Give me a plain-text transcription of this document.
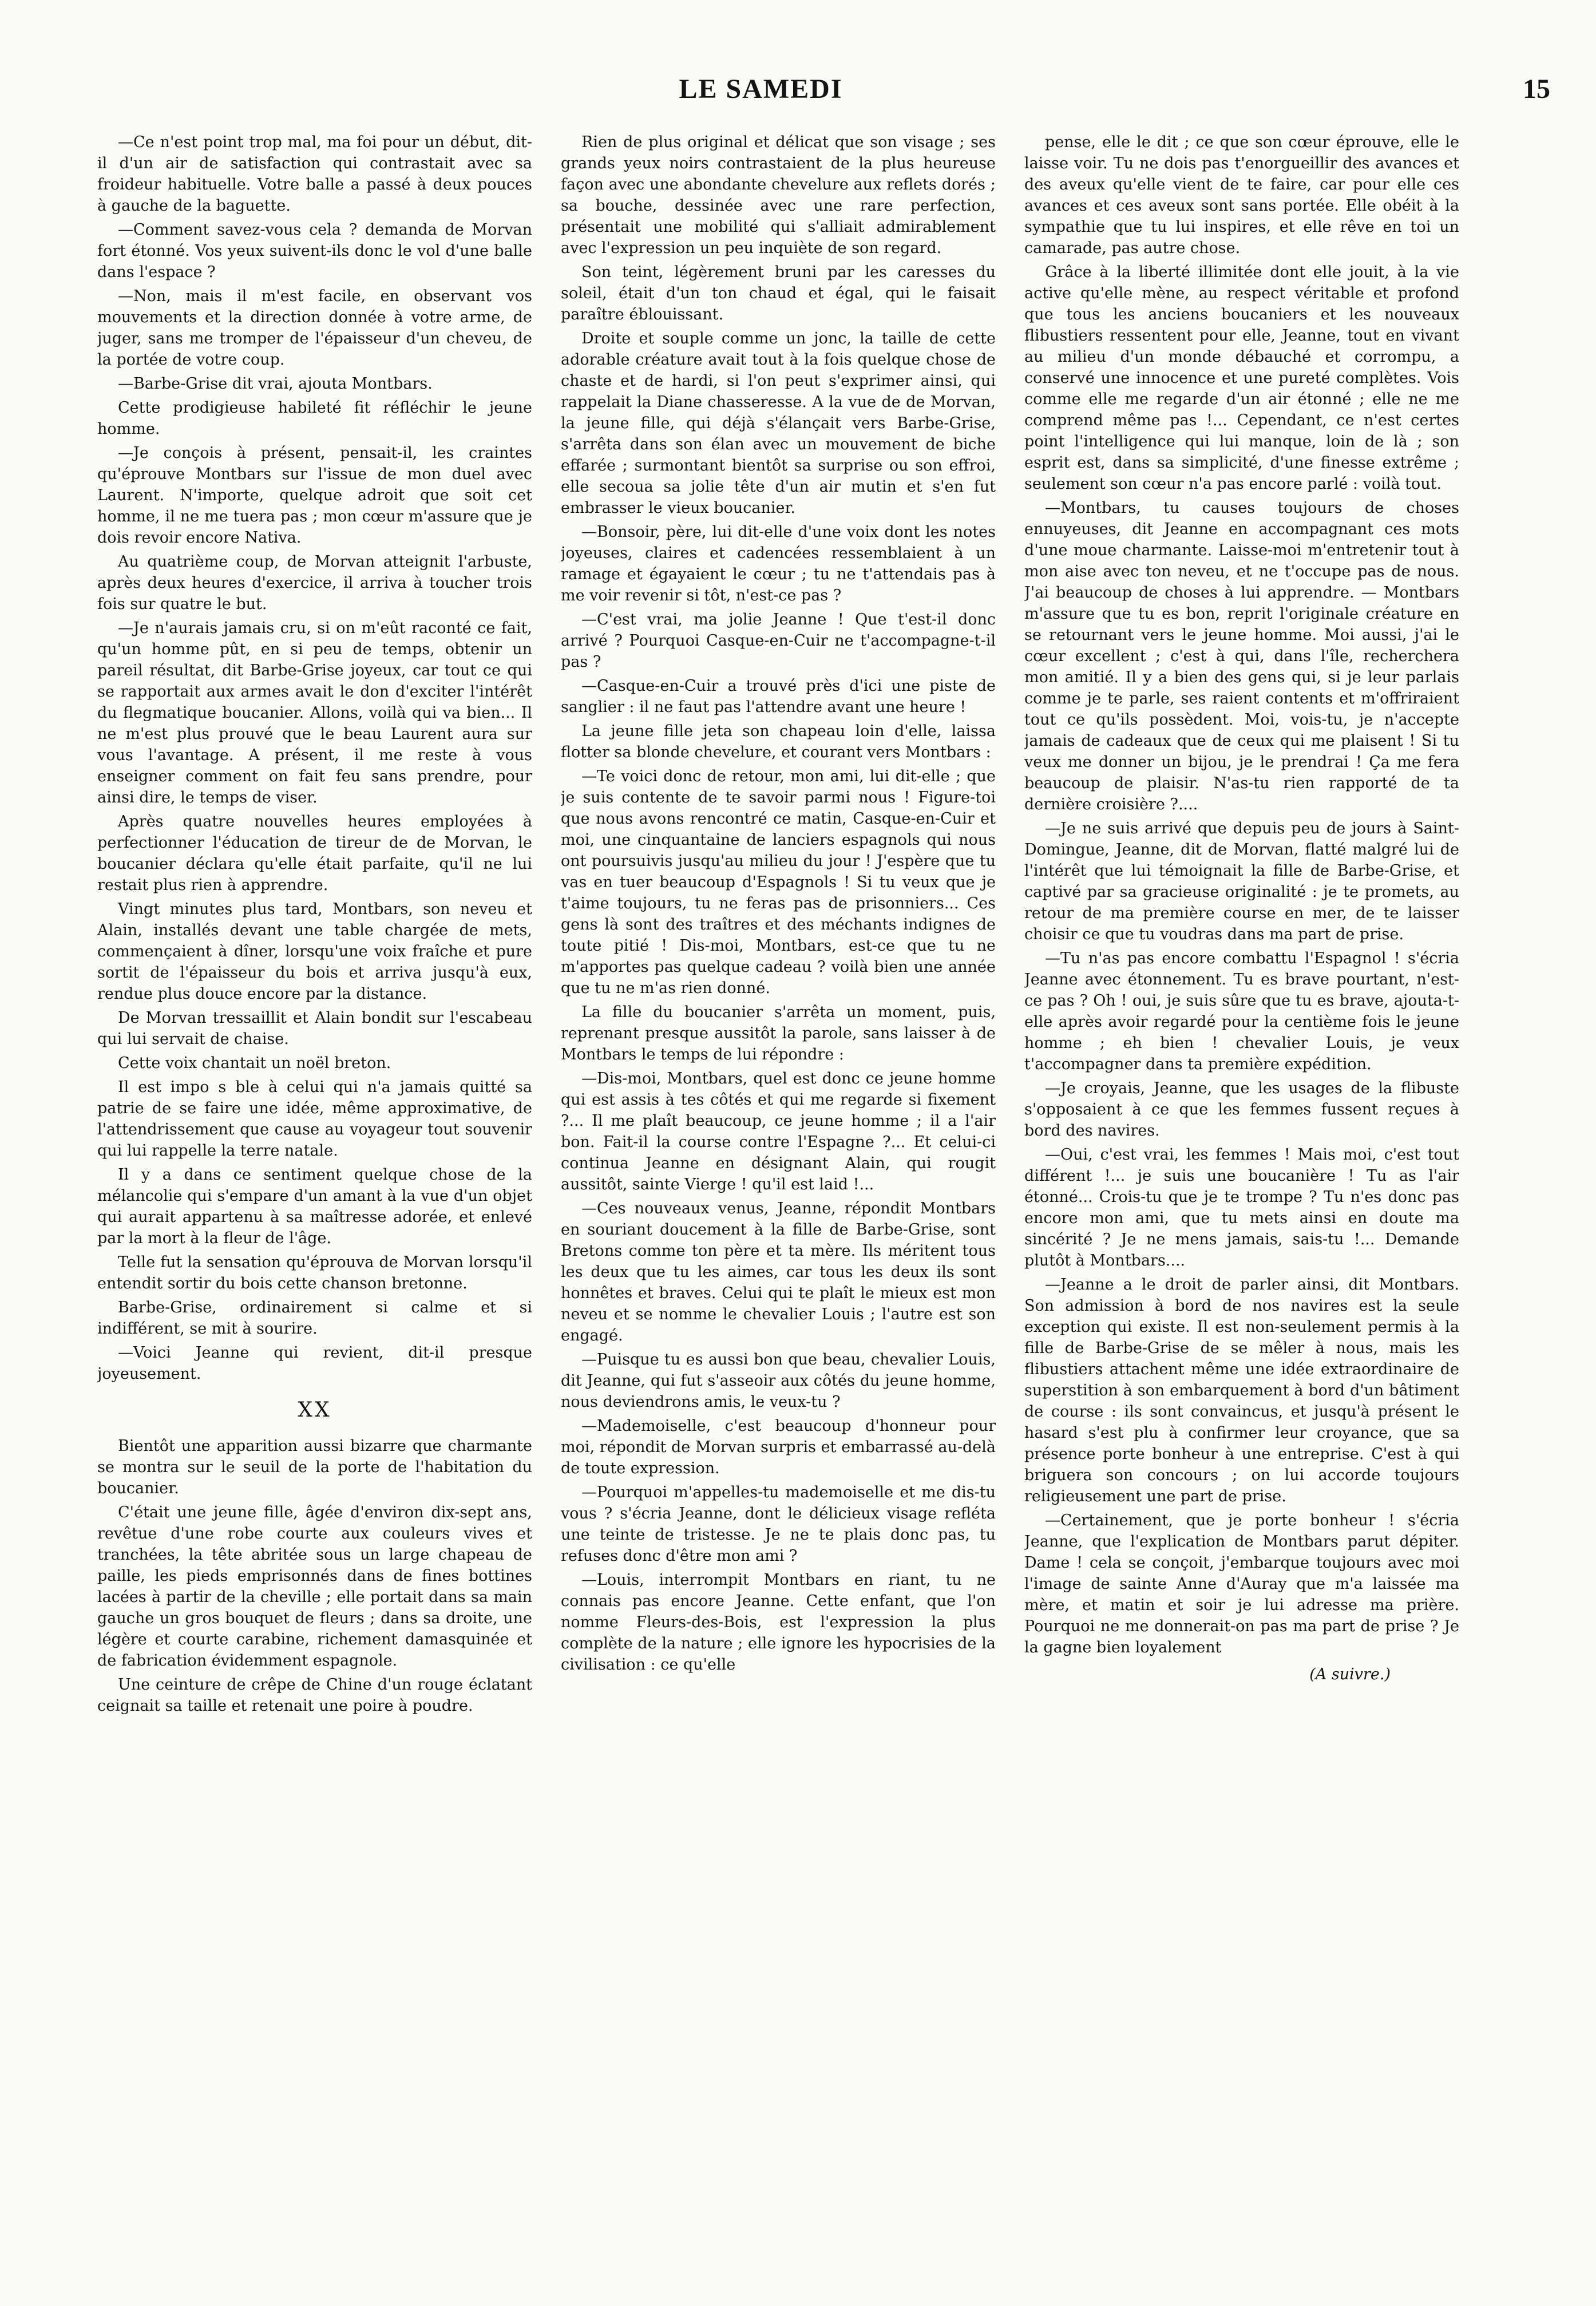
LE SAMEDI	15

—Ce n'est point trop mal, ma foi pour un début, dit-il d'un air de satisfaction qui contrastait avec sa froideur habituelle. Votre balle a passé à deux pouces à gauche de la baguette.

—Comment savez-vous cela ? demanda de Morvan fort étonné. Vos yeux suivent-ils donc le vol d'une balle dans l'espace ?

—Non, mais il m'est facile, en observant vos mouvements et la direction donnée à votre arme, de juger, sans me tromper de l'épaisseur d'un cheveu, de la portée de votre coup.

—Barbe-Grise dit vrai, ajouta Montbars.

Cette prodigieuse habileté fit réfléchir le jeune homme.

—Je conçois à présent, pensait-il, les craintes qu'éprouve Montbars sur l'issue de mon duel avec Laurent. N'importe, quelque adroit que soit cet homme, il ne me tuera pas ; mon cœur m'assure que je dois revoir encore Nativa.

Au quatrième coup, de Morvan atteignit l'arbuste, après deux heures d'exercice, il arriva à toucher trois fois sur quatre le but.

—Je n'aurais jamais cru, si on m'eût raconté ce fait, qu'un homme pût, en si peu de temps, obtenir un pareil résultat, dit Barbe-Grise joyeux, car tout ce qui se rapportait aux armes avait le don d'exciter l'intérêt du flegmatique boucanier. Allons, voilà qui va bien... Il ne m'est plus prouvé que le beau Laurent aura sur vous l'avantage. A présent, il me reste à vous enseigner comment on fait feu sans prendre, pour ainsi dire, le temps de viser.

Après quatre nouvelles heures employées à perfectionner l'éducation de tireur de de Morvan, le boucanier déclara qu'elle était parfaite, qu'il ne lui restait plus rien à apprendre.

Vingt minutes plus tard, Montbars, son neveu et Alain, installés devant une table chargée de mets, commençaient à dîner, lorsqu'une voix fraîche et pure sortit de l'épaisseur du bois et arriva jusqu'à eux, rendue plus douce encore par la distance.

De Morvan tressaillit et Alain bondit sur l'escabeau qui lui servait de chaise.

Cette voix chantait un noël breton.

Il est impo s ble à celui qui n'a jamais quitté sa patrie de se faire une idée, même approximative, de l'attendrissement que cause au voyageur tout souvenir qui lui rappelle la terre natale.

Il y a dans ce sentiment quelque chose de la mélancolie qui s'empare d'un amant à la vue d'un objet qui aurait appartenu à sa maîtresse adorée, et enlevé par la mort à la fleur de l'âge.

Telle fut la sensation qu'éprouva de Morvan lorsqu'il entendit sortir du bois cette chanson bretonne.

Barbe-Grise, ordinairement si calme et si indifférent, se mit à sourire.

—Voici Jeanne qui revient, dit-il presque joyeusement.

XX

Bientôt une apparition aussi bizarre que charmante se montra sur le seuil de la porte de l'habitation du boucanier.

C'était une jeune fille, âgée d'environ dix-sept ans, revêtue d'une robe courte aux couleurs vives et tranchées, la tête abritée sous un large chapeau de paille, les pieds emprisonnés dans de fines bottines lacées à partir de la cheville ; elle portait dans sa main gauche un gros bouquet de fleurs ; dans sa droite, une légère et courte carabine, richement damasquinée et de fabrication évidemment espagnole.

Une ceinture de crêpe de Chine d'un rouge éclatant ceignait sa taille et retenait une poire à poudre.

Rien de plus original et délicat que son visage ; ses grands yeux noirs contrastaient de la plus heureuse façon avec une abondante chevelure aux reflets dorés ; sa bouche, dessinée avec une rare perfection, présentait une mobilité qui s'alliait admirablement avec l'expression un peu inquiète de son regard.

Son teint, légèrement bruni par les caresses du soleil, était d'un ton chaud et égal, qui le faisait paraître éblouissant.

Droite et souple comme un jonc, la taille de cette adorable créature avait tout à la fois quelque chose de chaste et de hardi, si l'on peut s'exprimer ainsi, qui rappelait la Diane chasseresse. A la vue de de Morvan, la jeune fille, qui déjà s'élançait vers Barbe-Grise, s'arrêta dans son élan avec un mouvement de biche effarée ; surmontant bientôt sa surprise ou son effroi, elle secoua sa jolie tête d'un air mutin et s'en fut embrasser le vieux boucanier.

—Bonsoir, père, lui dit-elle d'une voix dont les notes joyeuses, claires et cadencées ressemblaient à un ramage et égayaient le cœur ; tu ne t'attendais pas à me voir revenir si tôt, n'est-ce pas ?

—C'est vrai, ma jolie Jeanne ! Que t'est-il donc arrivé ? Pourquoi Casque-en-Cuir ne t'accompagne-t-il pas ?

—Casque-en-Cuir a trouvé près d'ici une piste de sanglier : il ne faut pas l'attendre avant une heure !

La jeune fille jeta son chapeau loin d'elle, laissa flotter sa blonde chevelure, et courant vers Montbars :

—Te voici donc de retour, mon ami, lui dit-elle ; que je suis contente de te savoir parmi nous ! Figure-toi que nous avons rencontré ce matin, Casque-en-Cuir et moi, une cinquantaine de lanciers espagnols qui nous ont poursuivis jusqu'au milieu du jour ! J'espère que tu vas en tuer beaucoup d'Espagnols ! Si tu veux que je t'aime toujours, tu ne feras pas de prisonniers... Ces gens là sont des traîtres et des méchants indignes de toute pitié ! Dis-moi, Montbars, est-ce que tu ne m'apportes pas quelque cadeau ? voilà bien une année que tu ne m'as rien donné.

La fille du boucanier s'arrêta un moment, puis, reprenant presque aussitôt la parole, sans laisser à de Montbars le temps de lui répondre :

—Dis-moi, Montbars, quel est donc ce jeune homme qui est assis à tes côtés et qui me regarde si fixement ?... Il me plaît beaucoup, ce jeune homme ; il a l'air bon. Fait-il la course contre l'Espagne ?... Et celui-ci continua Jeanne en désignant Alain, qui rougit aussitôt, sainte Vierge ! qu'il est laid !...

—Ces nouveaux venus, Jeanne, répondit Montbars en souriant doucement à la fille de Barbe-Grise, sont Bretons comme ton père et ta mère. Ils méritent tous les deux que tu les aimes, car tous les deux ils sont honnêtes et braves. Celui qui te plaît le mieux est mon neveu et se nomme le chevalier Louis ; l'autre est son engagé.

—Puisque tu es aussi bon que beau, chevalier Louis, dit Jeanne, qui fut s'asseoir aux côtés du jeune homme, nous deviendrons amis, le veux-tu ?

—Mademoiselle, c'est beaucoup d'honneur pour moi, répondit de Morvan surpris et embarrassé au-delà de toute expression.

—Pourquoi m'appelles-tu mademoiselle et me dis-tu vous ? s'écria Jeanne, dont le délicieux visage refléta une teinte de tristesse. Je ne te plais donc pas, tu refuses donc d'être mon ami ?

—Louis, interrompit Montbars en riant, tu ne connais pas encore Jeanne. Cette enfant, que l'on nomme Fleurs-des-Bois, est l'expression la plus complète de la nature ; elle ignore les hypocrisies de la civilisation : ce qu'elle

pense, elle le dit ; ce que son cœur éprouve, elle le laisse voir. Tu ne dois pas t'enorgueillir des avances et des aveux qu'elle vient de te faire, car pour elle ces avances et ces aveux sont sans portée. Elle obéit à la sympathie que tu lui inspires, et elle rêve en toi un camarade, pas autre chose.

Grâce à la liberté illimitée dont elle jouit, à la vie active qu'elle mène, au respect véritable et profond que tous les anciens boucaniers et les nouveaux flibustiers ressentent pour elle, Jeanne, tout en vivant au milieu d'un monde débauché et corrompu, a conservé une innocence et une pureté complètes. Vois comme elle me regarde d'un air étonné ; elle ne me comprend même pas !... Cependant, ce n'est certes point l'intelligence qui lui manque, loin de là ; son esprit est, dans sa simplicité, d'une finesse extrême ; seulement son cœur n'a pas encore parlé : voilà tout.

—Montbars, tu causes toujours de choses ennuyeuses, dit Jeanne en accompagnant ces mots d'une moue charmante. Laisse-moi m'entretenir tout à mon aise avec ton neveu, et ne t'occupe pas de nous. J'ai beaucoup de choses à lui apprendre. — Montbars m'assure que tu es bon, reprit l'originale créature en se retournant vers le jeune homme. Moi aussi, j'ai le cœur excellent ; c'est à qui, dans l'île, recherchera mon amitié. Il y a bien des gens qui, si je leur parlais comme je te parle, ses raient contents et m'offriraient tout ce qu'ils possèdent. Moi, vois-tu, je n'accepte jamais de cadeaux que de ceux qui me plaisent ! Si tu veux me donner un bijou, je le prendrai ! Ça me fera beaucoup de plaisir. N'as-tu rien rapporté de ta dernière croisière ?....

—Je ne suis arrivé que depuis peu de jours à Saint-Domingue, Jeanne, dit de Morvan, flatté malgré lui de l'intérêt que lui témoignait la fille de Barbe-Grise, et captivé par sa gracieuse originalité : je te promets, au retour de ma première course en mer, de te laisser choisir ce que tu voudras dans ma part de prise.

—Tu n'as pas encore combattu l'Espagnol ! s'écria Jeanne avec étonnement. Tu es brave pourtant, n'est-ce pas ? Oh ! oui, je suis sûre que tu es brave, ajouta-t-elle après avoir regardé pour la centième fois le jeune homme ; eh bien ! chevalier Louis, je veux t'accompagner dans ta première expédition.

—Je croyais, Jeanne, que les usages de la flibuste s'opposaient à ce que les femmes fussent reçues à bord des navires.

—Oui, c'est vrai, les femmes ! Mais moi, c'est tout différent !... je suis une boucanière ! Tu as l'air étonné... Crois-tu que je te trompe ? Tu n'es donc pas encore mon ami, que tu mets ainsi en doute ma sincérité ? Je ne mens jamais, sais-tu !... Demande plutôt à Montbars....

—Jeanne a le droit de parler ainsi, dit Montbars. Son admission à bord de nos navires est la seule exception qui existe. Il est non-seulement permis à la fille de Barbe-Grise de se mêler à nous, mais les flibustiers attachent même une idée extraordinaire de superstition à son embarquement à bord d'un bâtiment de course : ils sont convaincus, et jusqu'à présent le hasard s'est plu à confirmer leur croyance, que sa présence porte bonheur à une entreprise. C'est à qui briguera son concours ; on lui accorde toujours religieusement une part de prise.

—Certainement, que je porte bonheur ! s'écria Jeanne, que l'explication de Montbars parut dépiter. Dame ! cela se conçoit, j'embarque toujours avec moi l'image de sainte Anne d'Auray que m'a laissée ma mère, et matin et soir je lui adresse ma prière. Pourquoi ne me donnerait-on pas ma part de prise ? Je la gagne bien loyalement

(A suivre.)
